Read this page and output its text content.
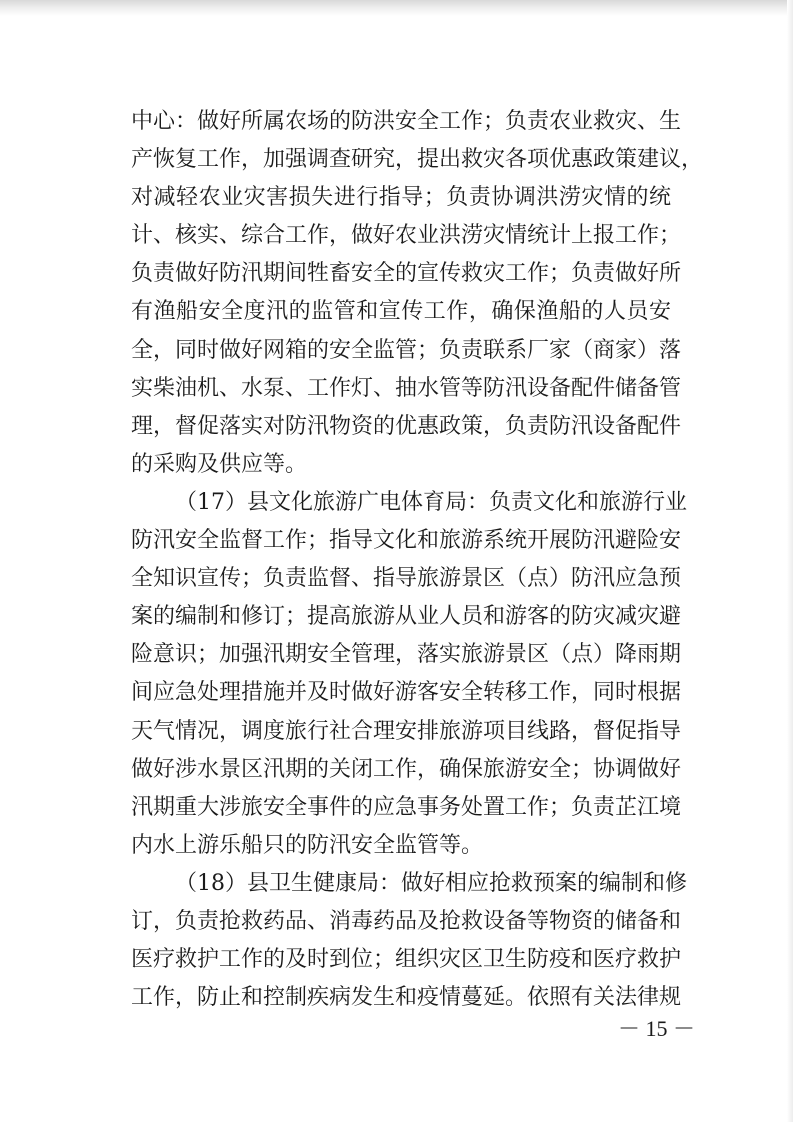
中心：做好所属农场的防洪安全工作；负责农业救灾、生
产恢复工作，加强调查研究，提出救灾各项优惠政策建议，
对减轻农业灾害损失进行指导；负责协调洪涝灾情的统
计、核实、综合工作，做好农业洪涝灾情统计上报工作；
负责做好防汛期间牲畜安全的宣传救灾工作；负责做好所
有渔船安全度汛的监管和宣传工作，确保渔船的人员安
全，同时做好网箱的安全监管；负责联系厂家（商家）落
实柴油机、水泵、工作灯、抽水管等防汛设备配件储备管
理，督促落实对防汛物资的优惠政策，负责防汛设备配件
的采购及供应等。
（17）县文化旅游广电体育局：负责文化和旅游行业
防汛安全监督工作；指导文化和旅游系统开展防汛避险安
全知识宣传；负责监督、指导旅游景区（点）防汛应急预
案的编制和修订；提高旅游从业人员和游客的防灾减灾避
险意识；加强汛期安全管理，落实旅游景区（点）降雨期
间应急处理措施并及时做好游客安全转移工作，同时根据
天气情况，调度旅行社合理安排旅游项目线路，督促指导
做好涉水景区汛期的关闭工作，确保旅游安全；协调做好
汛期重大涉旅安全事件的应急事务处置工作；负责芷江境
内水上游乐船只的防汛安全监管等。
（18）县卫生健康局：做好相应抢救预案的编制和修
订，负责抢救药品、消毒药品及抢救设备等物资的储备和
医疗救护工作的及时到位；组织灾区卫生防疫和医疗救护
工作，防止和控制疾病发生和疫情蔓延。依照有关法律规
－ 15 －
